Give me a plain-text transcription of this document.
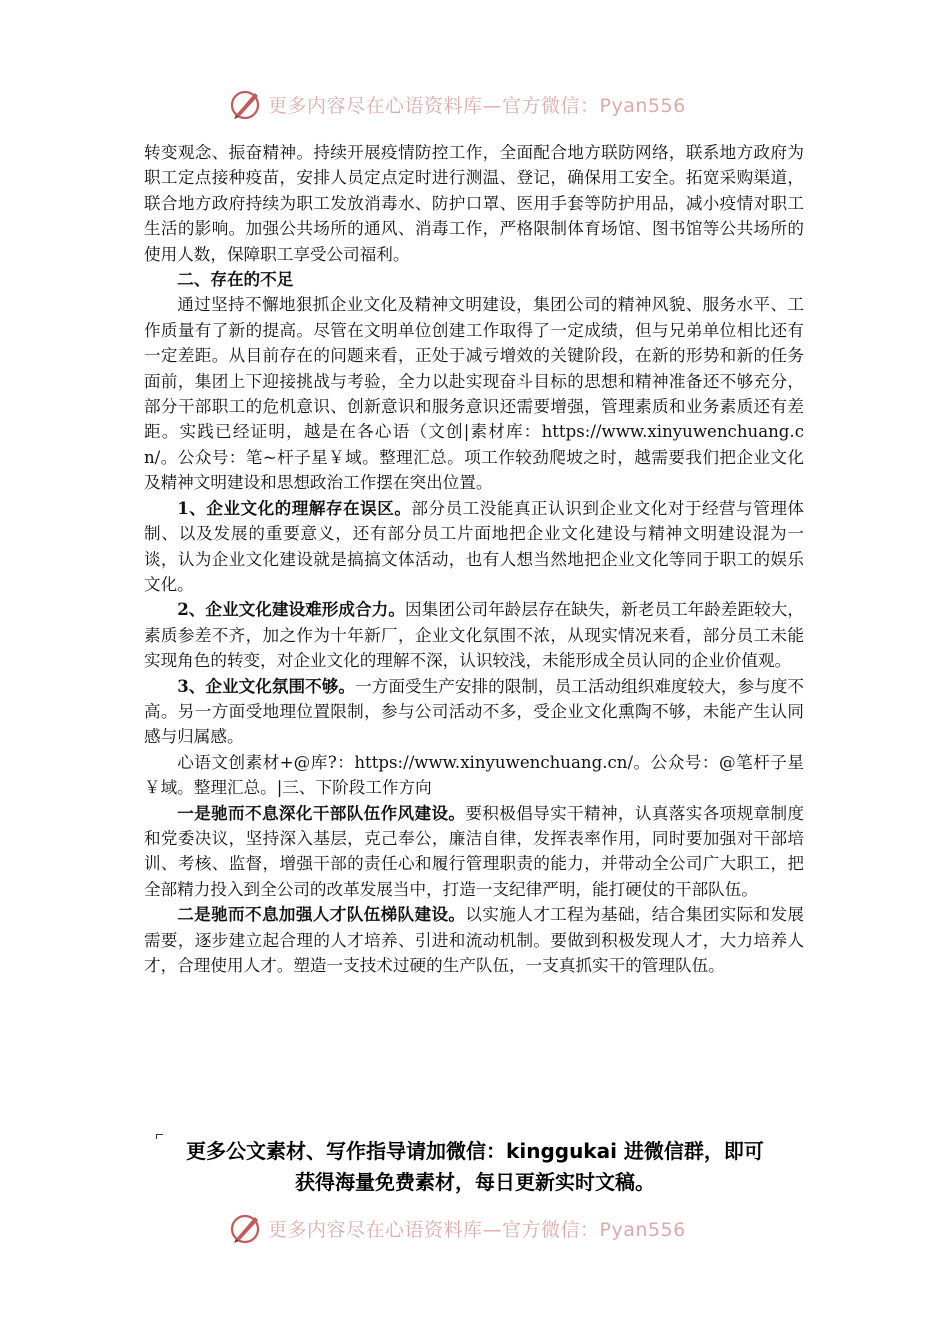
更多内容尽在心语资料库—官方微信：Pyan556

转变观念、振奋精神。持续开展疫情防控工作，全面配合地方联防网络，联系地方政府为职工定点接种疫苗，安排人员定点定时进行测温、登记，确保用工安全。拓宽采购渠道，联合地方政府持续为职工发放消毒水、防护口罩、医用手套等防护用品，减小疫情对职工生活的影响。加强公共场所的通风、消毒工作，严格限制体育场馆、图书馆等公共场所的使用人数，保障职工享受公司福利。

二、存在的不足

通过坚持不懈地狠抓企业文化及精神文明建设，集团公司的精神风貌、服务水平、工作质量有了新的提高。尽管在文明单位创建工作取得了一定成绩，但与兄弟单位相比还有一定差距。从目前存在的问题来看，正处于减亏增效的关键阶段，在新的形势和新的任务面前，集团上下迎接挑战与考验，全力以赴实现奋斗目标的思想和精神准备还不够充分，部分干部职工的危机意识、创新意识和服务意识还需要增强，管理素质和业务素质还有差距。实践已经证明，越是在各心语（文创|素材库：https://www.xinyuwenchuang.cn/。公众号：笔~杆子星￥域。整理汇总。项工作较劲爬坡之时，越需要我们把企业文化及精神文明建设和思想政治工作摆在突出位置。

1、企业文化的理解存在误区。部分员工没能真正认识到企业文化对于经营与管理体制、以及发展的重要意义，还有部分员工片面地把企业文化建设与精神文明建设混为一谈，认为企业文化建设就是搞搞文体活动，也有人想当然地把企业文化等同于职工的娱乐文化。

2、企业文化建设难形成合力。因集团公司年龄层存在缺失，新老员工年龄差距较大，素质参差不齐，加之作为十年新厂，企业文化氛围不浓，从现实情况来看，部分员工未能实现角色的转变，对企业文化的理解不深，认识较浅，未能形成全员认同的企业价值观。

3、企业文化氛围不够。一方面受生产安排的限制，员工活动组织难度较大，参与度不高。另一方面受地理位置限制，参与公司活动不多，受企业文化熏陶不够，未能产生认同感与归属感。

心语文创素材+@库?：https://www.xinyuwenchuang.cn/。公众号：@笔杆子星￥域。整理汇总。|三、下阶段工作方向

一是驰而不息深化干部队伍作风建设。要积极倡导实干精神，认真落实各项规章制度和党委决议，坚持深入基层，克己奉公，廉洁自律，发挥表率作用，同时要加强对干部培训、考核、监督，增强干部的责任心和履行管理职责的能力，并带动全公司广大职工，把全部精力投入到全公司的改革发展当中，打造一支纪律严明，能打硬仗的干部队伍。

二是驰而不息加强人才队伍梯队建设。以实施人才工程为基础，结合集团实际和发展需要，逐步建立起合理的人才培养、引进和流动机制。要做到积极发现人才，大力培养人才，合理使用人才。塑造一支技术过硬的生产队伍，一支真抓实干的管理队伍。

更多公文素材、写作指导请加微信：kinggukai 进微信群，即可
获得海量免费素材，每日更新实时文稿。
更多内容尽在心语资料库—官方微信：Pyan556
